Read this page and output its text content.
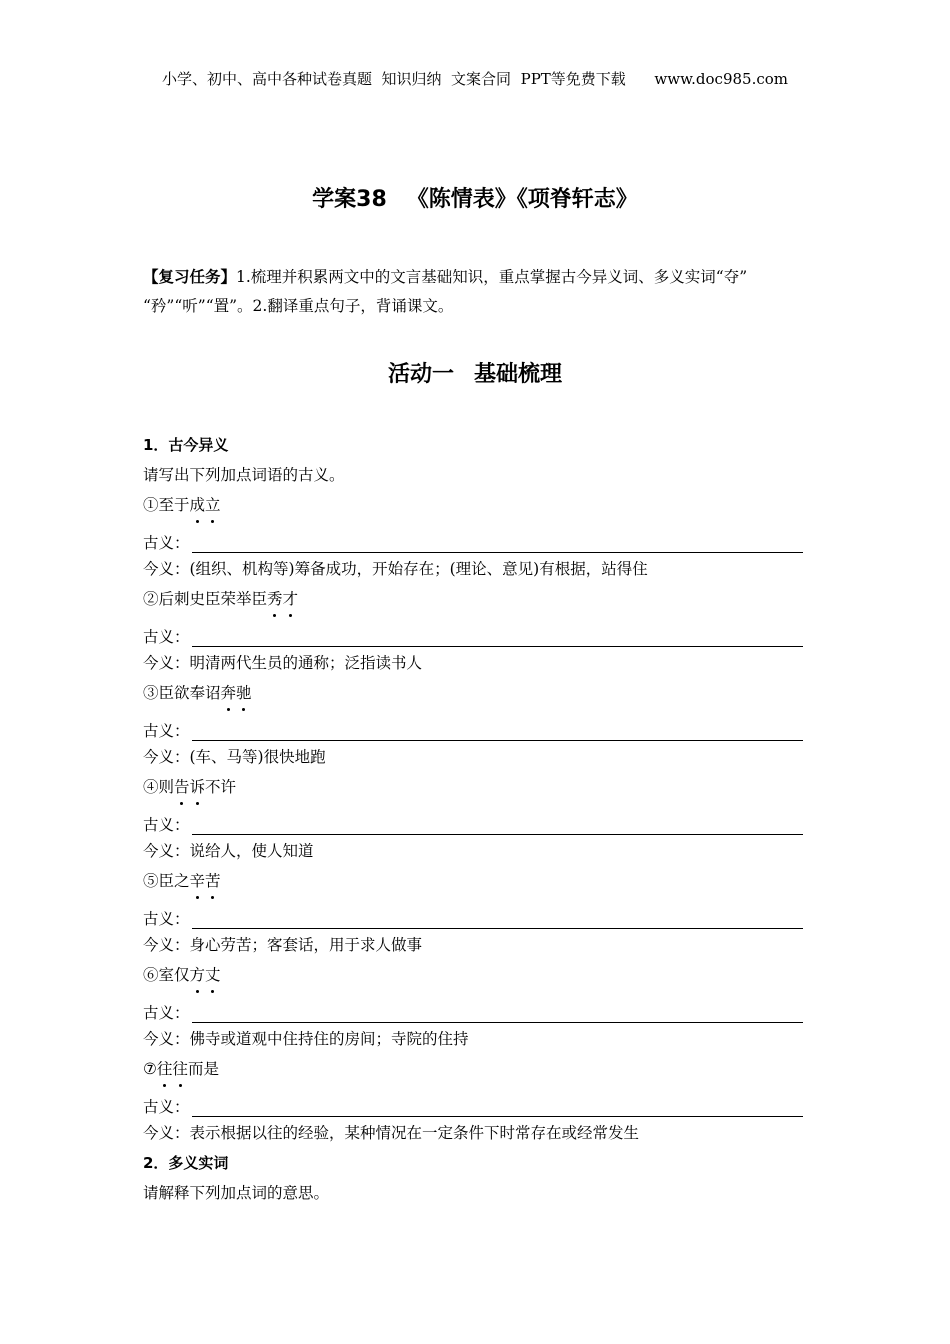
小学、初中、高中各种试卷真题  知识归纳  文案合同  PPT等免费下载 www.doc985.com
学案38 《陈情表》《项脊轩志》
【复习任务】1.梳理并积累两文中的文言基础知识，重点掌握古今异义词、多义实词“夺”
“矜”“听”“置”。2.翻译重点句子，背诵课文。
活动一 基础梳理
1．古今异义
请写出下列加点词语的古义。
①至于成立
古义：
今义：(组织、机构等)筹备成功，开始存在；(理论、意见)有根据，站得住
②后刺史臣荣举臣秀才
古义：
今义：明清两代生员的通称；泛指读书人
③臣欲奉诏奔驰
古义：
今义：(车、马等)很快地跑
④则告诉不许
古义：
今义：说给人，使人知道
⑤臣之辛苦
古义：
今义：身心劳苦；客套话，用于求人做事
⑥室仅方丈
古义：
今义：佛寺或道观中住持住的房间；寺院的住持
⑦往往而是
古义：
今义：表示根据以往的经验，某种情况在一定条件下时常存在或经常发生
2．多义实词
请解释下列加点词的意思。
